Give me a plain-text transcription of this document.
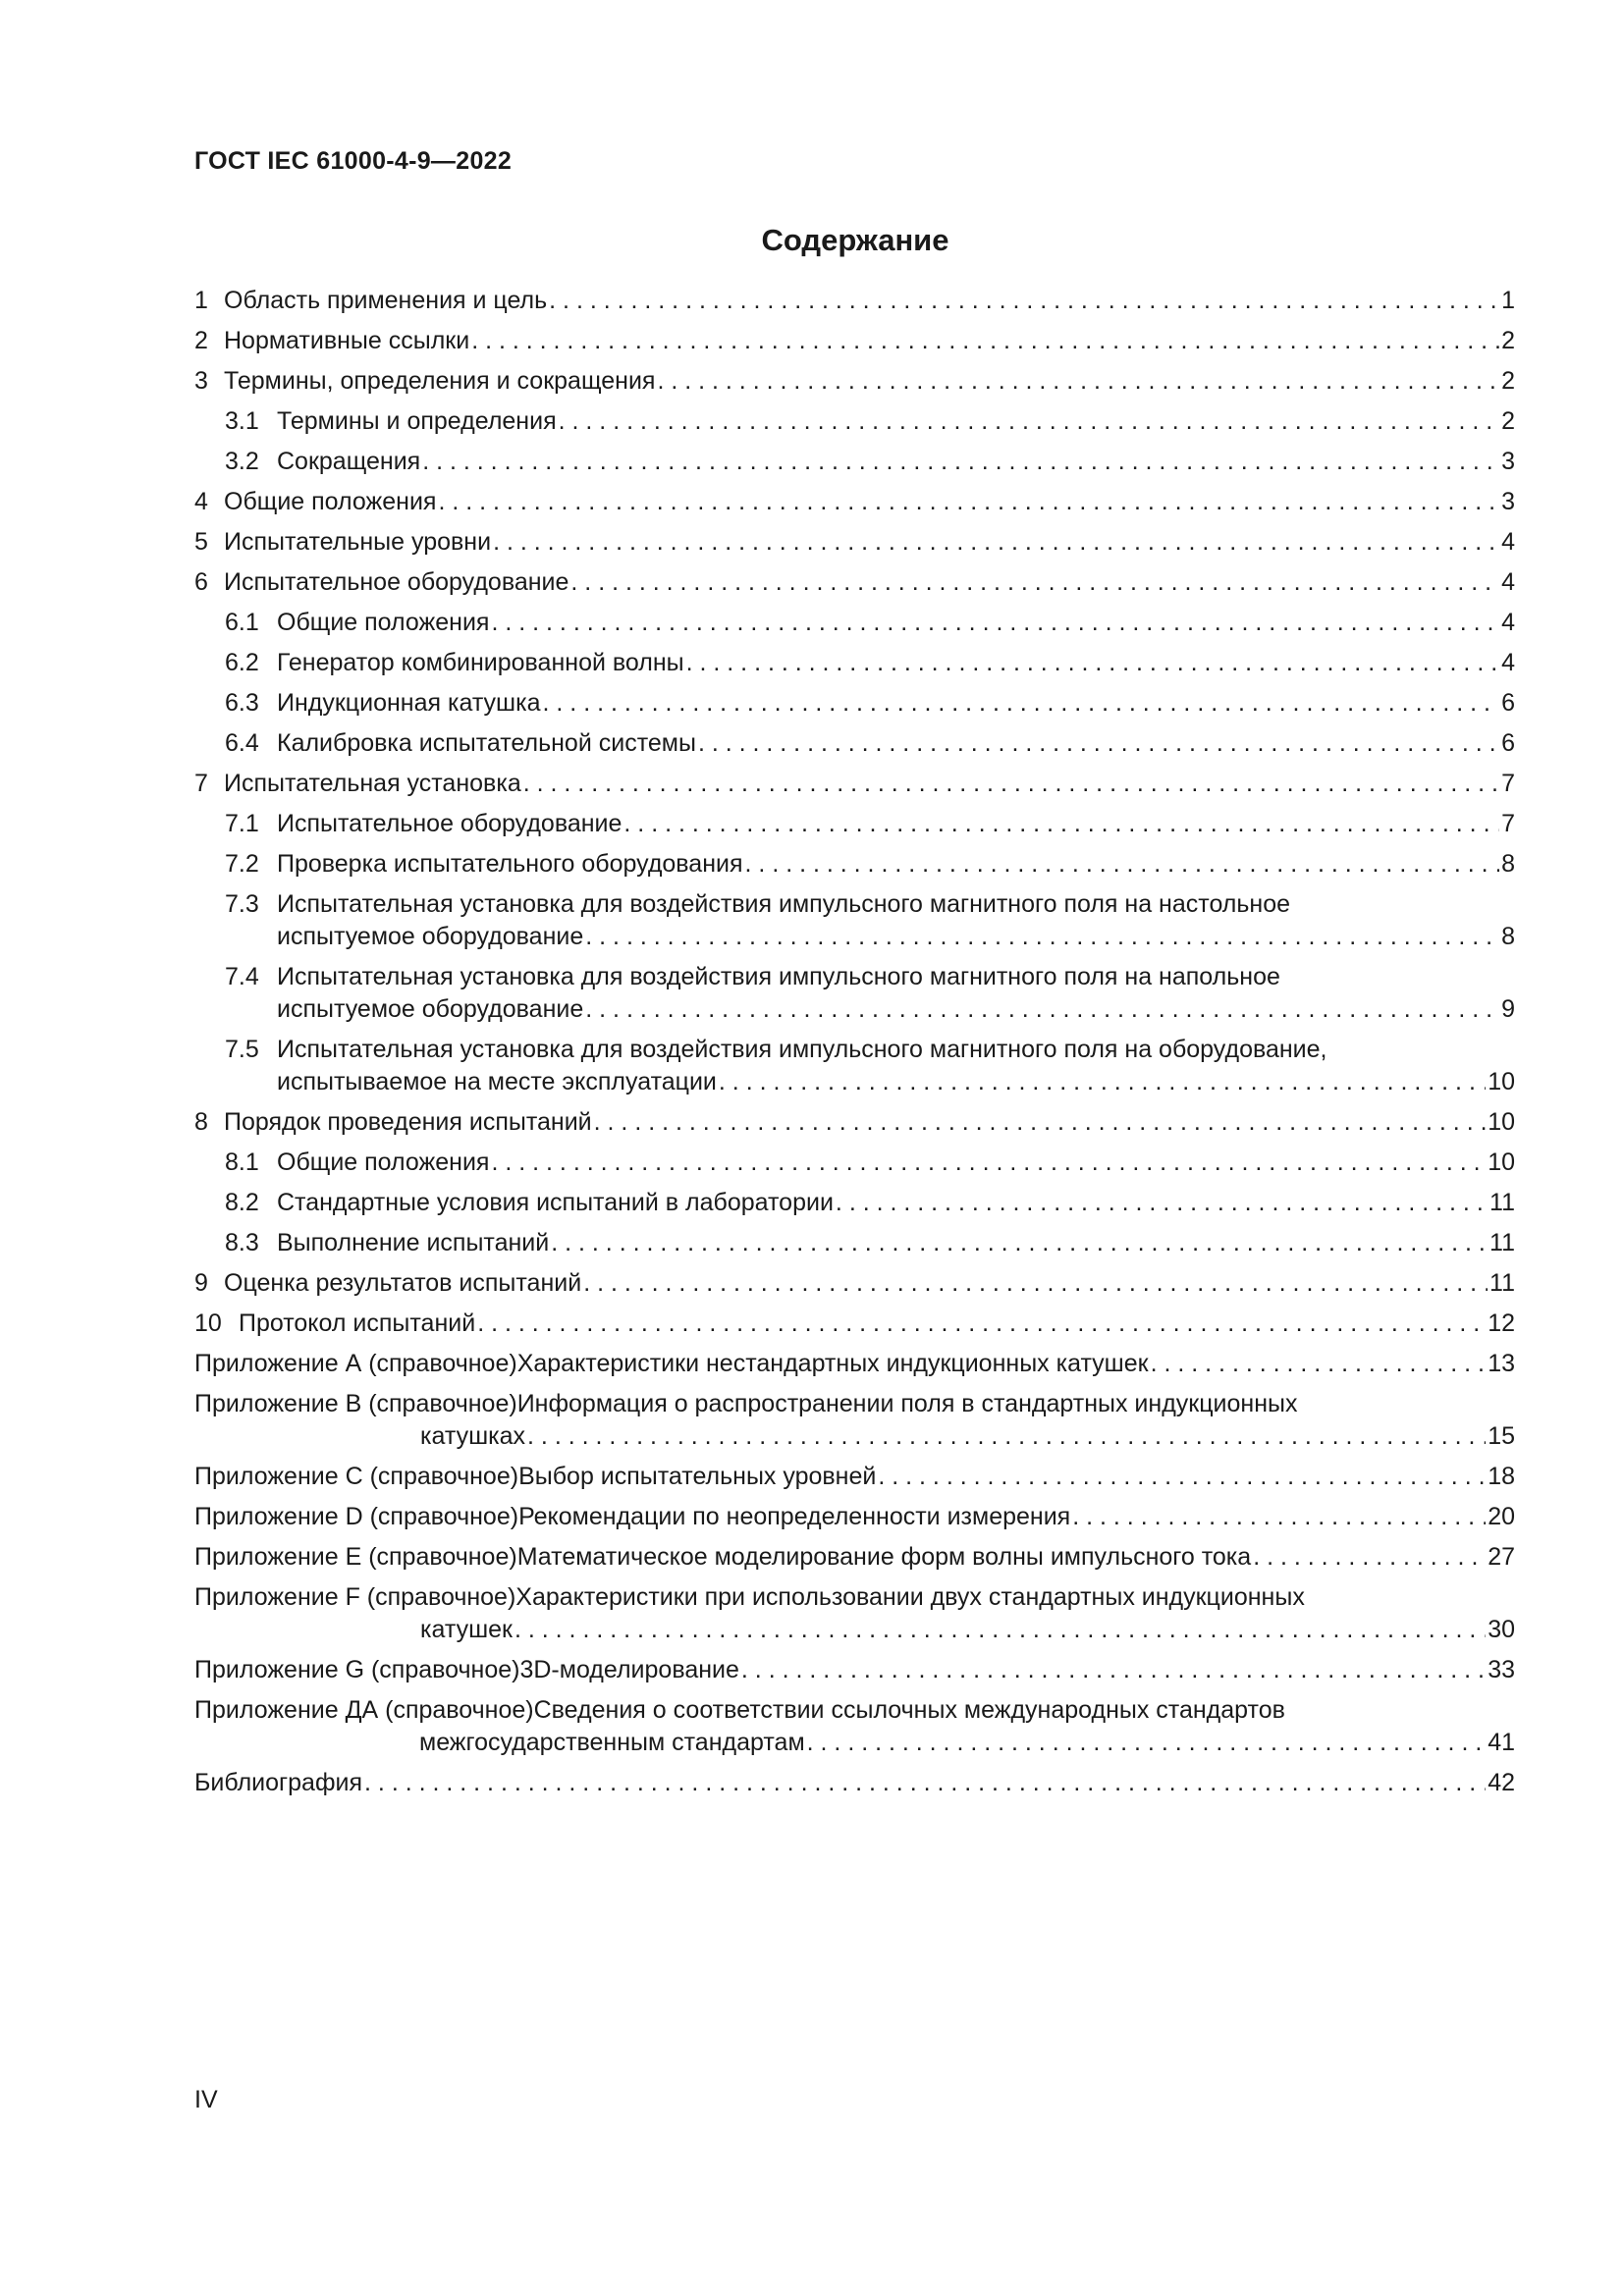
ГОСТ IEC 61000-4-9—2022
Содержание
1 Область применения и цель . . .	1
2 Нормативные ссылки . . .	2
3 Термины, определения и сокращения . . .	2
3.1 Термины и определения . . .	2
3.2 Сокращения . . .	3
4 Общие положения . . .	3
5 Испытательные уровни . . .	4
6 Испытательное оборудование . . .	4
6.1 Общие положения . . .	4
6.2 Генератор комбинированной волны . . .	4
6.3 Индукционная катушка . . .	6
6.4 Калибровка испытательной системы . . .	6
7 Испытательная установка . . .	7
7.1 Испытательное оборудование . . .	7
7.2 Проверка испытательного оборудования . . .	8
7.3 Испытательная установка для воздействия импульсного магнитного поля на настольное
испытуемое оборудование . . .	8
7.4 Испытательная установка для воздействия импульсного магнитного поля на напольное
испытуемое оборудование . . .	9
7.5 Испытательная установка для воздействия импульсного магнитного поля на оборудование,
испытываемое на месте эксплуатации . . .	10
8 Порядок проведения испытаний . . .	10
8.1 Общие положения . . .	10
8.2 Стандартные условия испытаний в лаборатории . . .	11
8.3 Выполнение испытаний . . .	11
9 Оценка результатов испытаний . . .	11
10 Протокол испытаний . . .	12
Приложение А (справочное) Характеристики нестандартных индукционных катушек . . .	13
Приложение В (справочное) Информация о распространении поля в стандартных индукционных
катушках . . .	15
Приложение С (справочное) Выбор испытательных уровней . . .	18
Приложение D (справочное) Рекомендации по неопределенности измерения . . .	20
Приложение Е (справочное) Математическое моделирование форм волны импульсного тока . . .	27
Приложение F (справочное) Характеристики при использовании двух стандартных индукционных
катушек . . .	30
Приложение G (справочное) 3D-моделирование . . .	33
Приложение ДА (справочное) Сведения о соответствии ссылочных международных стандартов
межгосударственным стандартам . . .	41
Библиография . . .	42
IV
